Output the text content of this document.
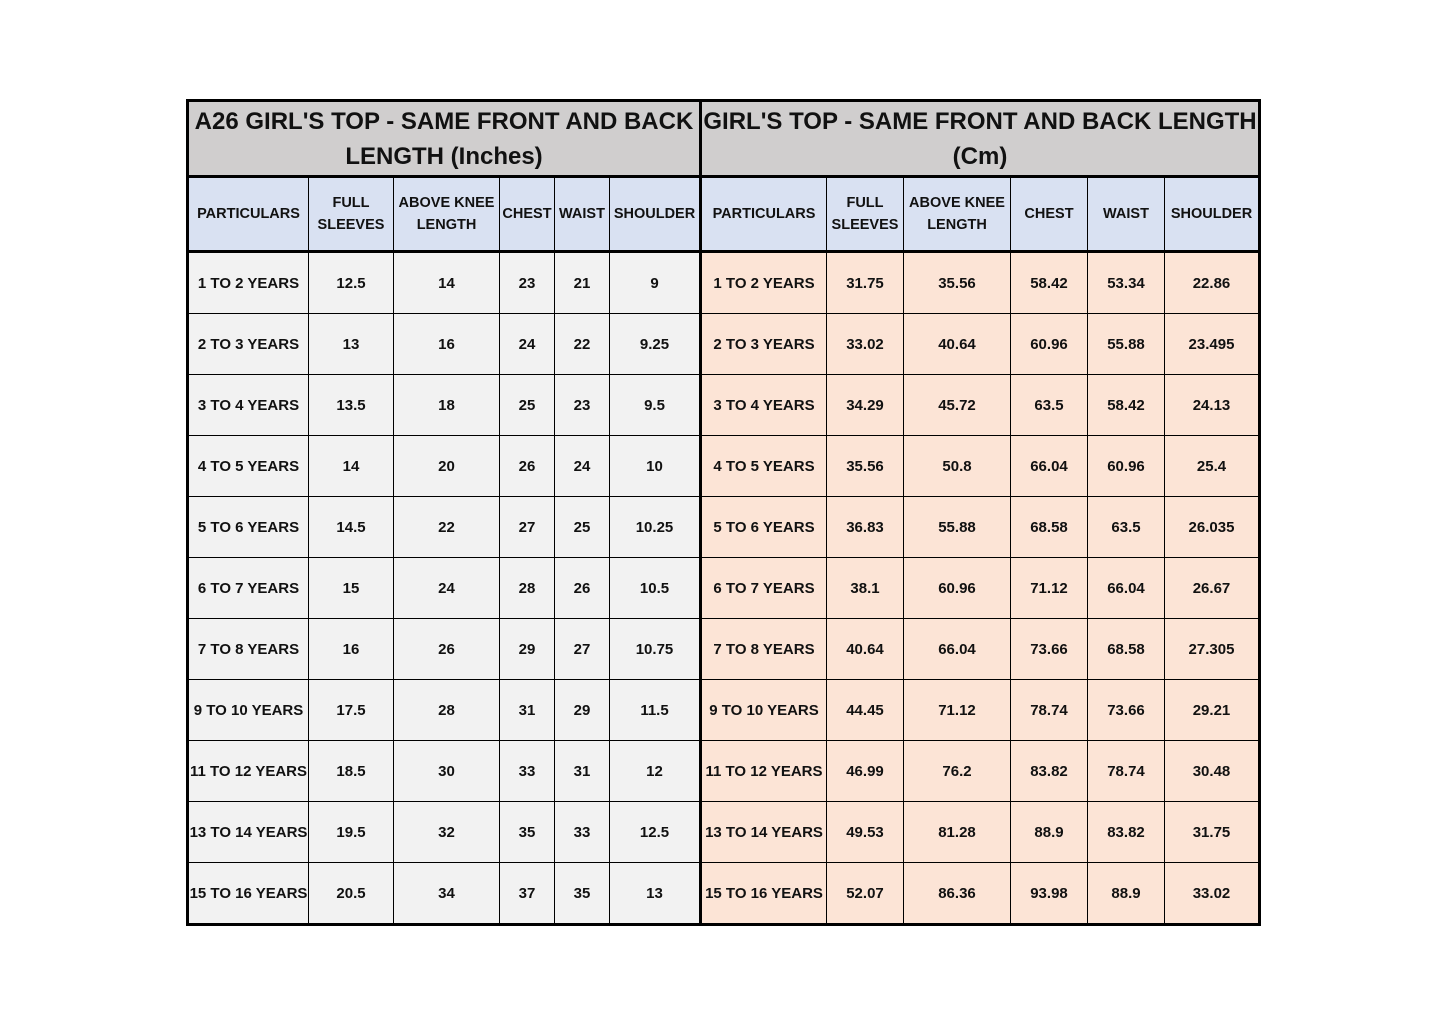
A26 GIRL'S TOP - SAME FRONT AND BACK LENGTH (Inches)						GIRL'S TOP - SAME FRONT AND BACK LENGTH (Cm)					
PARTICULARS	FULL SLEEVES	ABOVE KNEE LENGTH	CHEST	WAIST	SHOULDER	PARTICULARS	FULL SLEEVES	ABOVE KNEE LENGTH	CHEST	WAIST	SHOULDER
1 TO 2 YEARS	12.5	14	23	21	9	1 TO 2 YEARS	31.75	35.56	58.42	53.34	22.86
2 TO 3 YEARS	13	16	24	22	9.25	2 TO 3 YEARS	33.02	40.64	60.96	55.88	23.495
3 TO 4 YEARS	13.5	18	25	23	9.5	3 TO 4 YEARS	34.29	45.72	63.5	58.42	24.13
4 TO 5 YEARS	14	20	26	24	10	4 TO 5 YEARS	35.56	50.8	66.04	60.96	25.4
5 TO 6 YEARS	14.5	22	27	25	10.25	5 TO 6 YEARS	36.83	55.88	68.58	63.5	26.035
6 TO 7 YEARS	15	24	28	26	10.5	6 TO 7 YEARS	38.1	60.96	71.12	66.04	26.67
7 TO 8 YEARS	16	26	29	27	10.75	7 TO 8 YEARS	40.64	66.04	73.66	68.58	27.305
9 TO 10 YEARS	17.5	28	31	29	11.5	9 TO 10 YEARS	44.45	71.12	78.74	73.66	29.21
11 TO 12 YEARS	18.5	30	33	31	12	11 TO 12 YEARS	46.99	76.2	83.82	78.74	30.48
13 TO 14 YEARS	19.5	32	35	33	12.5	13 TO 14 YEARS	49.53	81.28	88.9	83.82	31.75
15 TO 16 YEARS	20.5	34	37	35	13	15 TO 16 YEARS	52.07	86.36	93.98	88.9	33.02
